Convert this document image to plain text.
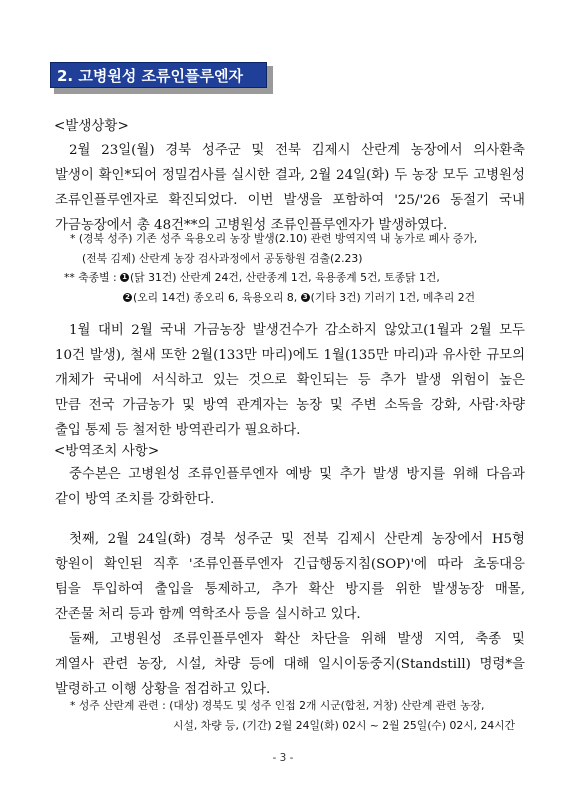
2. 고병원성 조류인플루엔자
<발생상황>

2월 23일(월) 경북 성주군 및 전북 김제시 산란계 농장에서 의사환축

발생이 확인*되어 정밀검사를 실시한 결과, 2월 24일(화) 두 농장 모두 고병원성

조류인플루엔자로 확진되었다. 이번 발생을 포함하여 '25/'26 동절기 국내

가금농장에서 총 48건**의 고병원성 조류인플루엔자가 발생하였다.

* (경북 성주) 기존 성주 육용오리 농장 발생(2.10) 관련 방역지역 내 농가로 폐사 증가,
(전북 김제) 산란계 농장 검사과정에서 공동항원 검출(2.23)
** 축종별 : 1 (닭 31건) 산란계 24건, 산란종계 1건, 육용종계 5건, 토종닭 1건,
2 (오리 14건) 종오리 6, 육용오리 8, 3 (기타 3건) 기러기 1건, 메추리 2건

1월 대비 2월 국내 가금농장 발생건수가 감소하지 않았고(1월과 2월 모두

10건 발생), 철새 또한 2월(133만 마리)에도 1월(135만 마리)과 유사한 규모의

개체가 국내에 서식하고 있는 것으로 확인되는 등 추가 발생 위험이 높은

만큼 전국 가금농가 및 방역 관계자는 농장 및 주변 소독을 강화, 사람·차량

출입 통제 등 철저한 방역관리가 필요하다.

<방역조치 사항>

중수본은 고병원성 조류인플루엔자 예방 및 추가 발생 방지를 위해 다음과

같이 방역 조치를 강화한다.

첫째, 2월 24일(화) 경북 성주군 및 전북 김제시 산란계 농장에서 H5형

항원이 확인된 직후 '조류인플루엔자 긴급행동지침(SOP)'에 따라 초동대응

팀을 투입하여 출입을 통제하고, 추가 확산 방지를 위한 발생농장 매몰,

잔존물 처리 등과 함께 역학조사 등을 실시하고 있다.

둘째, 고병원성 조류인플루엔자 확산 차단을 위해 발생 지역, 축종 및

계열사 관련 농장, 시설, 차량 등에 대해 일시이동중지(Standstill) 명령*을

발령하고 이행 상황을 점검하고 있다.

* 성주 산란계 관련 : (대상) 경북도 및 성주 인접 2개 시군(합천, 거창) 산란계 관련 농장,
시설, 차량 등, (기간) 2월 24일(화) 02시 ~ 2월 25일(수) 02시, 24시간
- 3 -
